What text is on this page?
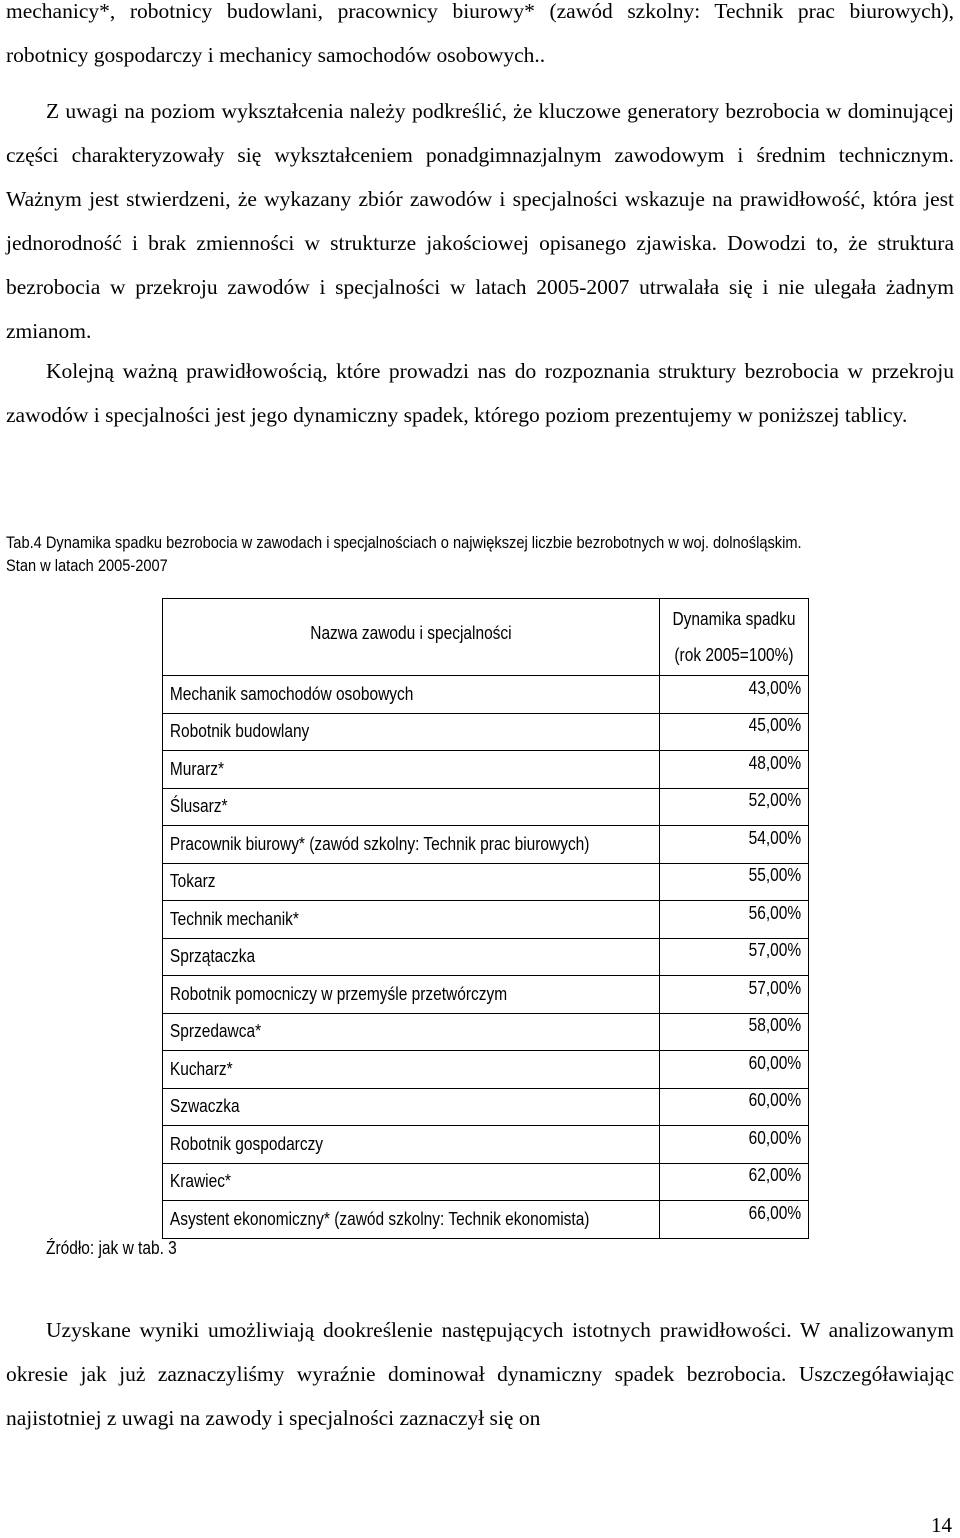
mechanicy*, robotnicy budowlani, pracownicy biurowy* (zawód szkolny: Technik prac biurowych), robotnicy gospodarczy i mechanicy samochodów osobowych..

Z uwagi na poziom wykształcenia należy podkreślić, że kluczowe generatory bezrobocia w dominującej części charakteryzowały się wykształceniem ponadgimnazjalnym zawodowym i średnim technicznym. Ważnym jest stwierdzeni, że wykazany zbiór zawodów i specjalności wskazuje na prawidłowość, która jest jednorodność i brak zmienności w strukturze jakościowej opisanego zjawiska. Dowodzi to, że struktura bezrobocia w przekroju zawodów i specjalności w latach 2005-2007 utrwalała się i nie ulegała żadnym zmianom.

Kolejną ważną prawidłowością, które prowadzi nas do rozpoznania struktury bezrobocia w przekroju zawodów i specjalności jest jego dynamiczny spadek, którego poziom prezentujemy w poniższej tablicy.

Tab.4 Dynamika spadku bezrobocia w zawodach i specjalnościach o największej liczbie bezrobotnych w woj. dolnośląskim.
Stan w latach 2005-2007
Nazwa zawodu i specjalności	Dynamika spadku
(rok 2005=100%)

Mechanik samochodów osobowych	43,00%

Robotnik budowlany	45,00%

Murarz*	48,00%

Ślusarz*	52,00%

Pracownik biurowy* (zawód szkolny: Technik prac biurowych)	54,00%

Tokarz	55,00%

Technik mechanik*	56,00%

Sprzątaczka	57,00%

Robotnik pomocniczy w przemyśle przetwórczym	57,00%

Sprzedawca*	58,00%

Kucharz*	60,00%

Szwaczka	60,00%

Robotnik gospodarczy	60,00%

Krawiec*	62,00%

Asystent ekonomiczny* (zawód szkolny: Technik ekonomista)	66,00%
Źródło: jak w tab. 3

Uzyskane wyniki umożliwiają dookreślenie następujących istotnych prawidłowości. W analizowanym okresie jak już zaznaczyliśmy wyraźnie dominował dynamiczny spadek bezrobocia. Uszczegóławiając najistotniej z uwagi na zawody i specjalności zaznaczył się on

14
